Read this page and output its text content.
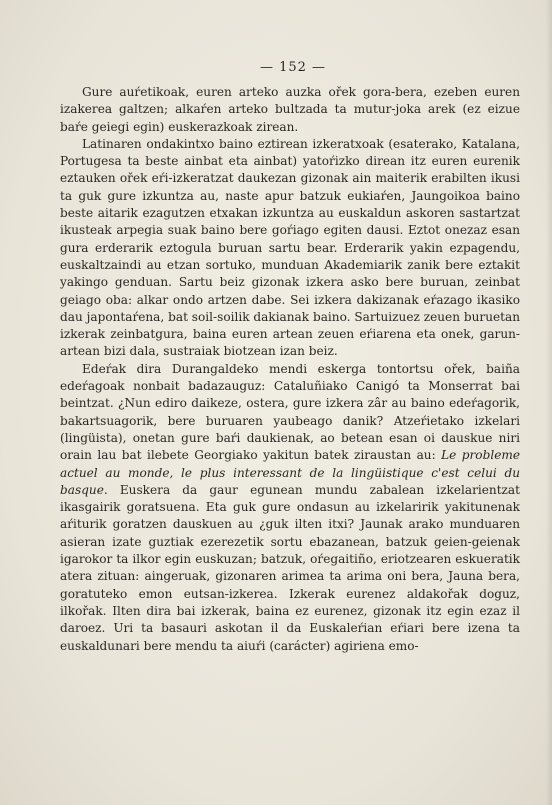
— 152 —

Gure auŕetikoak, euren arteko auzka ořek gora-bera, ezeben euren izakerea galtzen; alkaŕen arteko bultzada ta mutur-joka arek (ez eizue baŕe geiegi egin) euskerazkoak zirean.

Latinaren ondakintxo baino eztirean izkeratxoak (esaterako, Katalana, Portugesa ta beste ainbat eta ainbat) yatoŕizko direan itz euren eurenik eztauken ořek eŕi-izkeratzat daukezan gizonak ain maiterik erabilten ikusi ta guk gure izkuntza au, naste apur batzuk eukiaŕen, Jaungoikoa baino beste aitarik ezagutzen etxakan izkuntza au euskaldun askoren sastartzat ikusteak arpegia suak baino bere goŕiago egiten dausi. Eztot onezaz esan gura erderarik eztogula buruan sartu bear. Erderarik yakin ezpagendu, euskaltzaindi au etzan sortuko, munduan Akademiarik zanik bere eztakit yakingo genduan. Sartu beiz gizonak izkera asko bere buruan, zeinbat geiago oba: alkar ondo artzen dabe. Sei izkera dakizanak eŕazago ikasiko dau japontaŕena, bat soil-soilik dakianak baino. Sartuizuez zeuen buruetan izkerak zeinbatgura, baina euren artean zeuen eŕiarena eta onek, garun-artean bizi dala, sustraiak biotzean izan beiz.

Edeŕak dira Durangaldeko mendi eskerga tontortsu ořek, baiña edeŕagoak nonbait badazauguz: Cataluñiako Canigó ta Monserrat bai beintzat. ¿Nun ediro daikeze, ostera, gure izkera zâr au baino edeŕagorik, bakartsuagorik, bere buruaren yaubeago danik? Atzeŕietako izkelari (lingüista), onetan gure baŕi daukienak, ao betean esan oi dauskue niri orain lau bat ilebete Georgiako yakitun batek ziraustan au: Le probleme actuel au monde, le plus interessant de la lingüistique c'est celui du basque. Euskera da gaur egunean mundu zabalean izkelarientzat ikasgairik goratsuena. Eta guk gure ondasun au izkelaririk yakitunenak aŕiturik goratzen dauskuen au ¿guk ilten itxi? Jaunak arako munduaren asieran izate guztiak ezerezetik sortu ebazanean, batzuk geien-geienak igarokor ta ilkor egin euskuzan; batzuk, oŕegaitiño, eriotzearen eskueratik atera zituan: aingeruak, gizonaren arimea ta arima oni bera, Jauna bera, goratuteko emon eutsan-izkerea. Izkerak eurenez aldakořak doguz, ilkořak. Ilten dira bai izkerak, baina ez eurenez, gizonak itz egin ezaz il daroez. Uri ta basauri askotan il da Euskaleŕian eŕiari bere izena ta euskaldunari bere mendu ta aiuŕi (carácter) agiriena emo-
